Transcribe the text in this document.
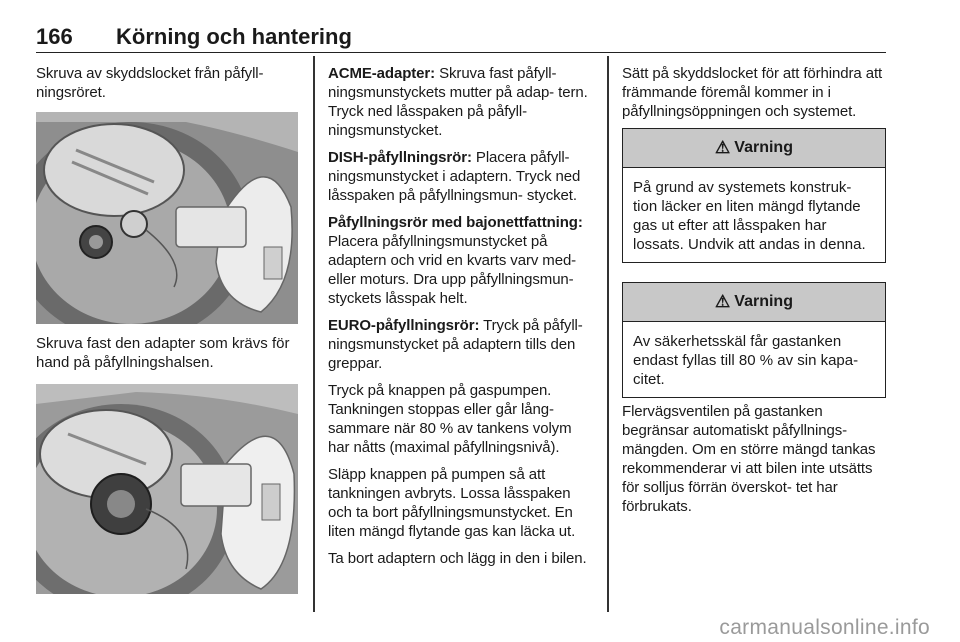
166 Körning och hantering

Skruva av skyddslocket från påfyll- ningsröret.

Skruva fast den adapter som krävs för hand på påfyllningshalsen.

ACME-adapter: Skruva fast påfyll- ningsmunstyckets mutter på adap- tern. Tryck ned låsspaken på påfyll- ningsmunstycket.

DISH-påfyllningsrör: Placera påfyll- ningsmunstycket i adaptern. Tryck ned låsspaken på påfyllningsmun- stycket.

Påfyllningsrör med bajonettfattning: Placera påfyllningsmunstycket på adaptern och vrid en kvarts varv med- eller moturs. Dra upp påfyllningsmun- styckets låsspak helt.

EURO-påfyllningsrör: Tryck på påfyll- ningsmunstycket på adaptern tills den greppar.

Tryck på knappen på gaspumpen. Tankningen stoppas eller går lång- sammare när 80 % av tankens volym har nåtts (maximal påfyllningsnivå).

Släpp knappen på pumpen så att tankningen avbryts. Lossa låsspaken och ta bort påfyllningsmunstycket. En liten mängd flytande gas kan läcka ut.

Ta bort adaptern och lägg in den i bilen.

Sätt på skyddslocket för att förhindra att främmande föremål kommer in i påfyllningsöppningen och systemet.

⚠ Varning
På grund av systemets konstruk- tion läcker en liten mängd flytande gas ut efter att låsspaken har lossats. Undvik att andas in denna.
⚠ Varning
Av säkerhetsskäl får gastanken endast fyllas till 80 % av sin kapa- citet.

Flervägsventilen på gastanken begränsar automatiskt påfyllnings- mängden. Om en större mängd tankas rekommenderar vi att bilen inte utsätts för solljus förrän överskot- tet har förbrukats.

carmanualsonline.info
